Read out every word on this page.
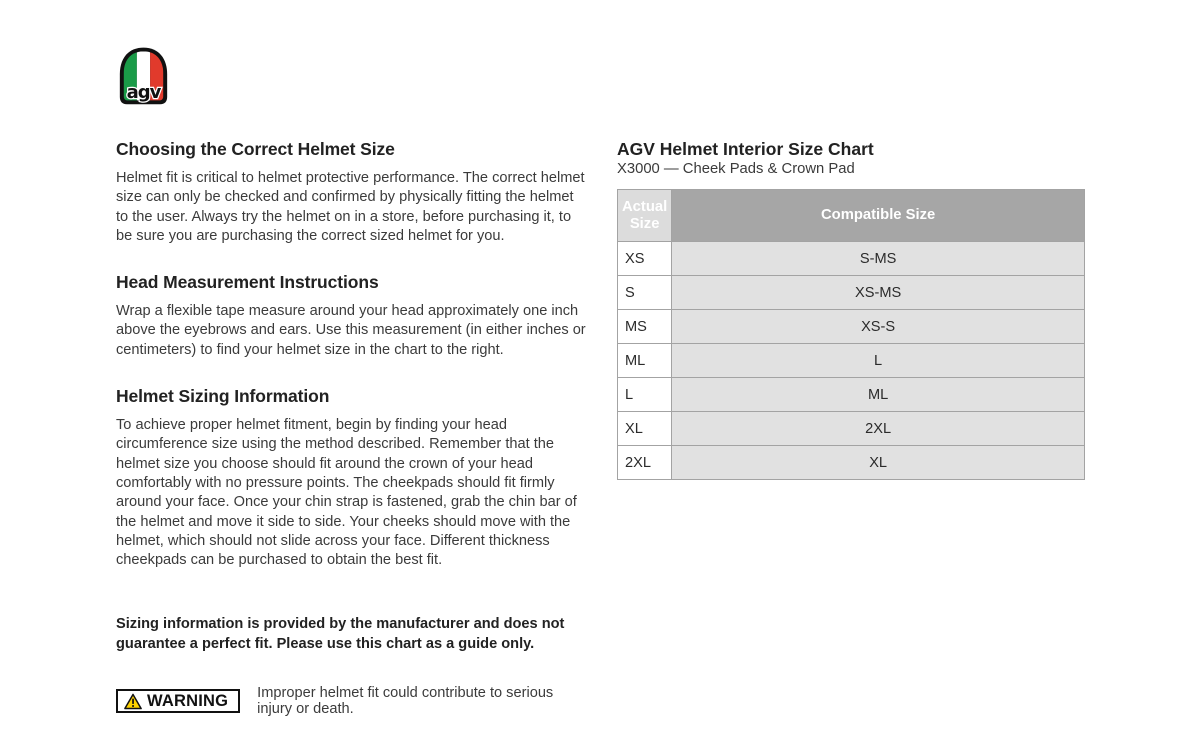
agv
Choosing the Correct Helmet Size

Helmet fit is critical to helmet protective performance. The correct helmet size can only be checked and confirmed by physically fitting the helmet to the user. Always try the helmet on in a store, before purchasing it, to be sure you are purchasing the correct sized helmet for you.

Head Measurement Instructions

Wrap a flexible tape measure around your head approximately one inch above the eyebrows and ears. Use this measurement (in either inches or centimeters) to find your helmet size in the chart to the right.

Helmet Sizing Information

To achieve proper helmet fitment, begin by finding your head circumference size using the method described. Remember that the helmet size you choose should fit around the crown of your head comfortably with no pressure points. The cheekpads should fit firmly around your face. Once your chin strap is fastened, grab the chin bar of the helmet and move it side to side. Your cheeks should move with the helmet, which should not slide across your face. Different thickness cheekpads can be purchased to obtain the best fit.

Sizing information is provided by the manufacturer and does not guarantee a perfect fit. Please use this chart as a guide only.
WARNING Improper helmet fit could contribute to serious injury or death.
AGV Helmet Interior Size Chart
X3000 — Cheek Pads & Crown Pad
Actual Size	Compatible Size
XS	S-MS
S	XS-MS
MS	XS-S
ML	L
L	ML
XL	2XL
2XL	XL
